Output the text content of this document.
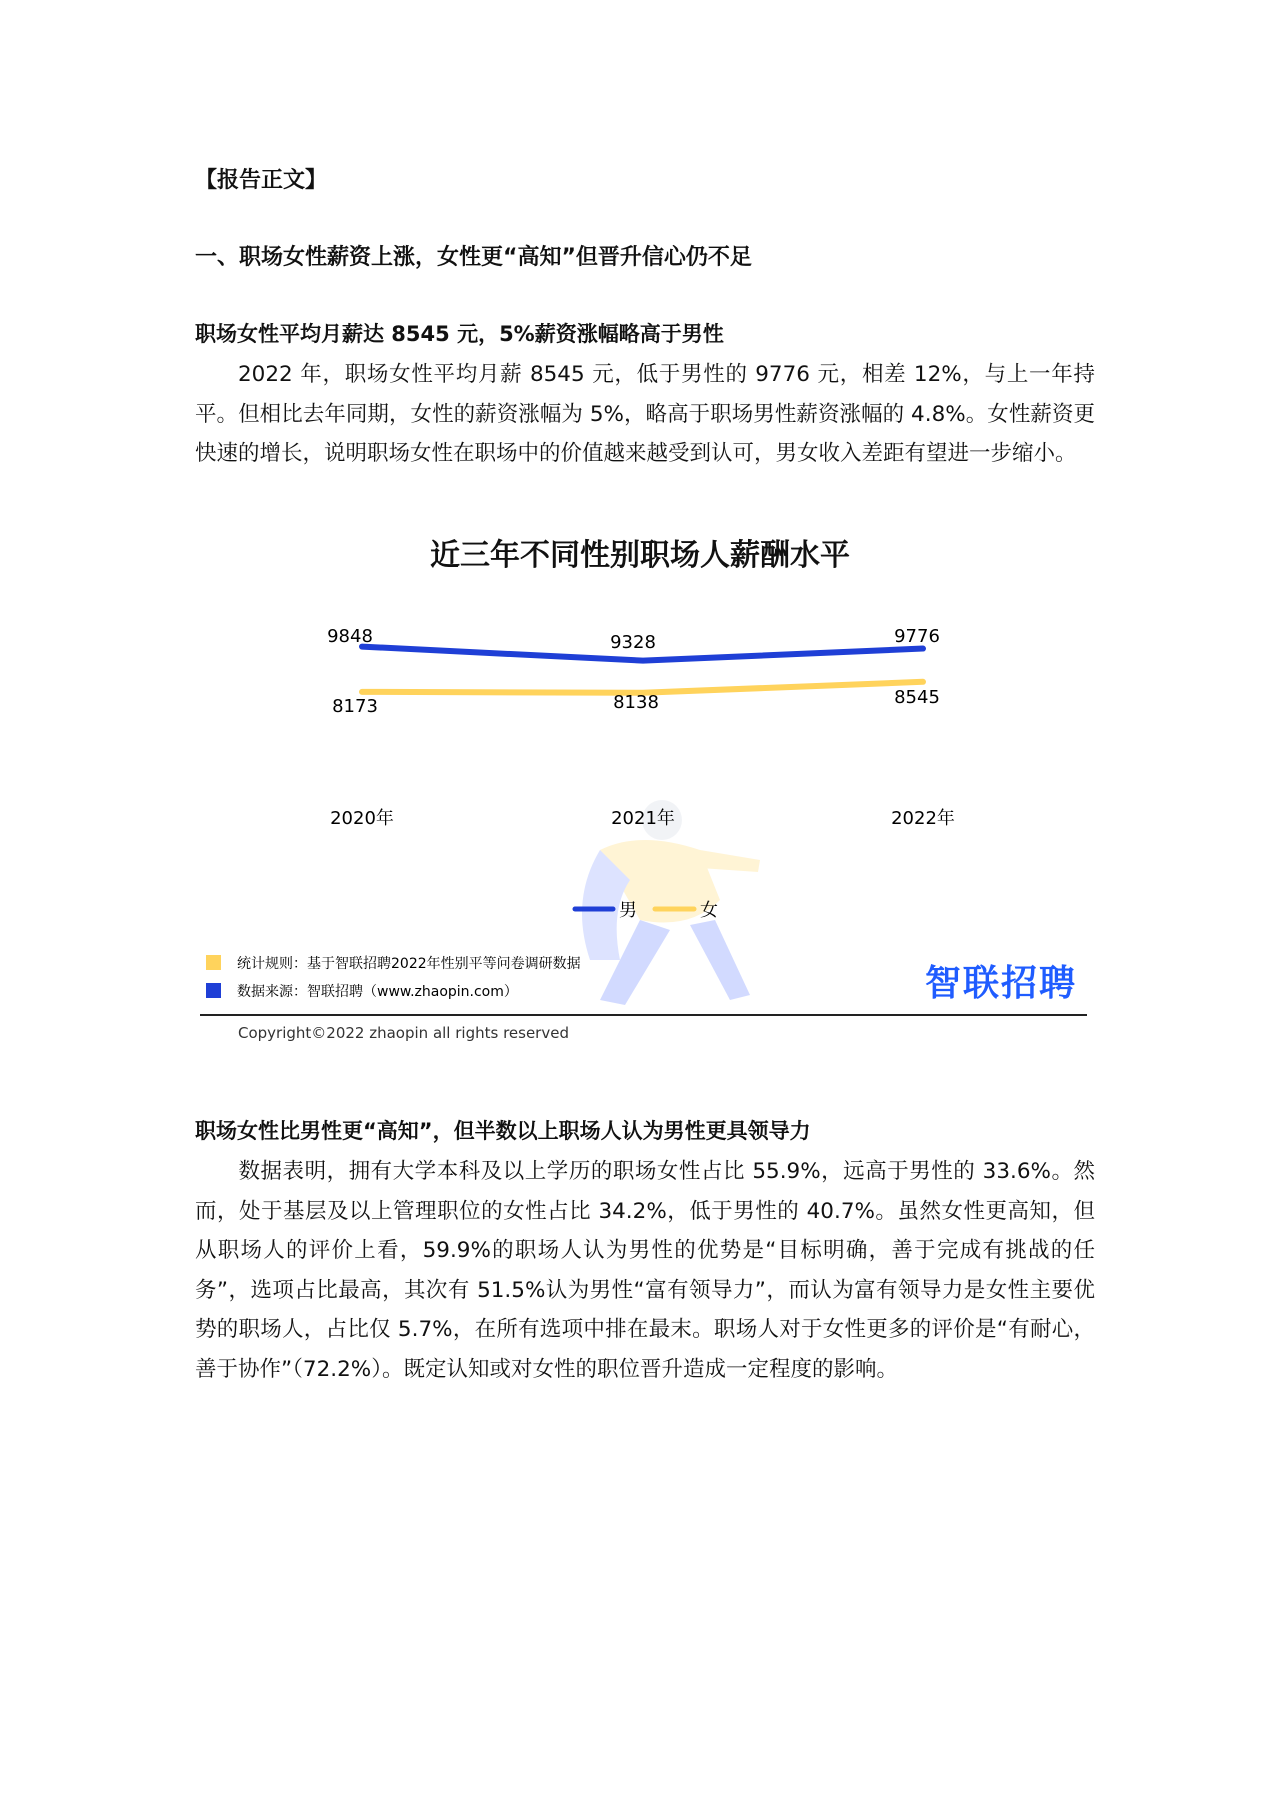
【报告正文】
一、职场女性薪资上涨，女性更“高知”但晋升信心仍不足
职场女性平均月薪达 8545 元，5%薪资涨幅略高于男性

2022 年，职场女性平均月薪 8545 元，低于男性的 9776 元，相差 12%，与上一年持平。但相比去年同期，女性的薪资涨幅为 5%，略高于职场男性薪资涨幅的 4.8%。女性薪资更快速的增长，说明职场女性在职场中的价值越来越受到认可，男女收入差距有望进一步缩小。

近三年不同性别职场人薪酬水平
9848	9328	9776
8173	8138	8545
2020年	2021年	2022年
男	女
统计规则：基于智联招聘2022年性别平等问卷调研数据
数据来源：智联招聘（www.zhaopin.com）	智联招聘
Copyright©2022 zhaopin all rights reserved
职场女性比男性更“高知”，但半数以上职场人认为男性更具领导力

数据表明，拥有大学本科及以上学历的职场女性占比 55.9%，远高于男性的 33.6%。然而，处于基层及以上管理职位的女性占比 34.2%，低于男性的 40.7%。虽然女性更高知，但从职场人的评价上看，59.9%的职场人认为男性的优势是“目标明确，善于完成有挑战的任务”，选项占比最高，其次有 51.5%认为男性“富有领导力”，而认为富有领导力是女性主要优势的职场人，占比仅 5.7%，在所有选项中排在最末。职场人对于女性更多的评价是“有耐心，善于协作”（72.2%）。既定认知或对女性的职位晋升造成一定程度的影响。
